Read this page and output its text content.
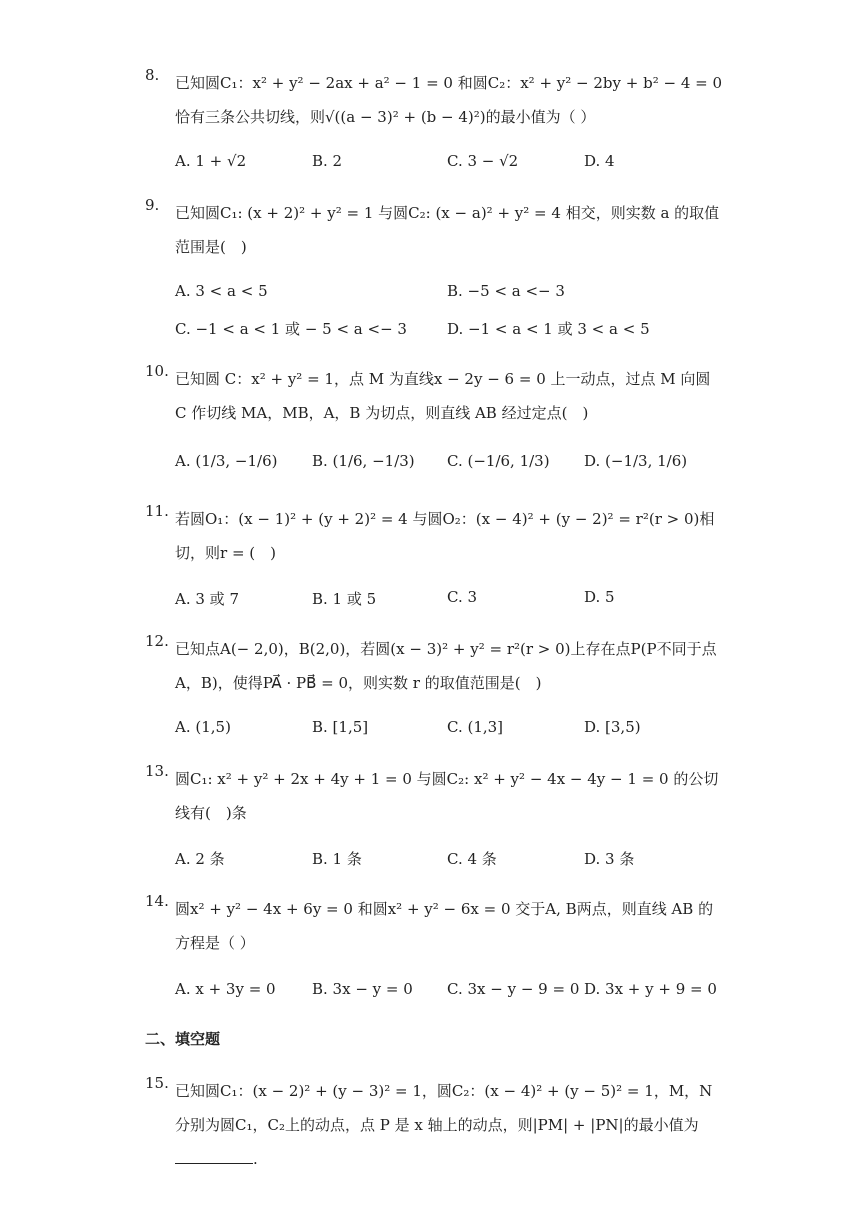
8.	已知圆C₁：x² + y² − 2ax + a² − 1 = 0 和圆C₂：x² + y² − 2by + b² − 4 = 0 恰有三条公共切线，则√((a − 3)² + (b − 4)²)的最小值为（ ）
A. 1 + √2	B. 2	C. 3 − √2	D. 4
9.	已知圆C₁: (x + 2)² + y² = 1 与圆C₂: (x − a)² + y² = 4 相交，则实数 a 的取值范围是(　)
A. 3 < a < 5	B. −5 < a <− 3
C. −1 < a < 1 或 − 5 < a <− 3	D. −1 < a < 1 或 3 < a < 5
10. 已知圆 C：x² + y² = 1，点 M 为直线x − 2y − 6 = 0 上一动点，过点 M 向圆 C 作切线 MA，MB，A，B 为切点，则直线 AB 经过定点(　)
A. (1/3, −1/6) B. (1/6, −1/3) C. (−1/6, 1/3) D. (−1/3, 1/6)
11. 若圆O₁：(x − 1)² + (y + 2)² = 4 与圆O₂：(x − 4)² + (y − 2)² = r²(r > 0)相切，则r = (　)
A. 3 或 7	B. 1 或 5	C. 3	D. 5
12. 已知点A(− 2,0)，B(2,0)，若圆(x − 3)² + y² = r²(r > 0)上存在点P(P不同于点 A，B)，使得PA⃗ · PB⃗ = 0，则实数 r 的取值范围是(　)
A. (1,5)	B. [1,5]	C. (1,3]	D. [3,5)
13. 圆C₁: x² + y² + 2x + 4y + 1 = 0 与圆C₂: x² + y² − 4x − 4y − 1 = 0 的公切线有(　)条
A. 2 条	B. 1 条	C. 4 条	D. 3 条
14. 圆x² + y² − 4x + 6y = 0 和圆x² + y² − 6x = 0 交于A, B两点，则直线 AB 的方程是（ ）
A. x + 3y = 0 B. 3x − y = 0 C. 3x − y − 9 = 0 D. 3x + y + 9 = 0
二、填空题
15. 已知圆C₁：(x − 2)² + (y − 3)² = 1，圆C₂：(x − 4)² + (y − 5)² = 1，M，N 分别为圆C₁，C₂上的动点，点 P 是 x 轴上的动点，则|PM| + |PN|的最小值为.
